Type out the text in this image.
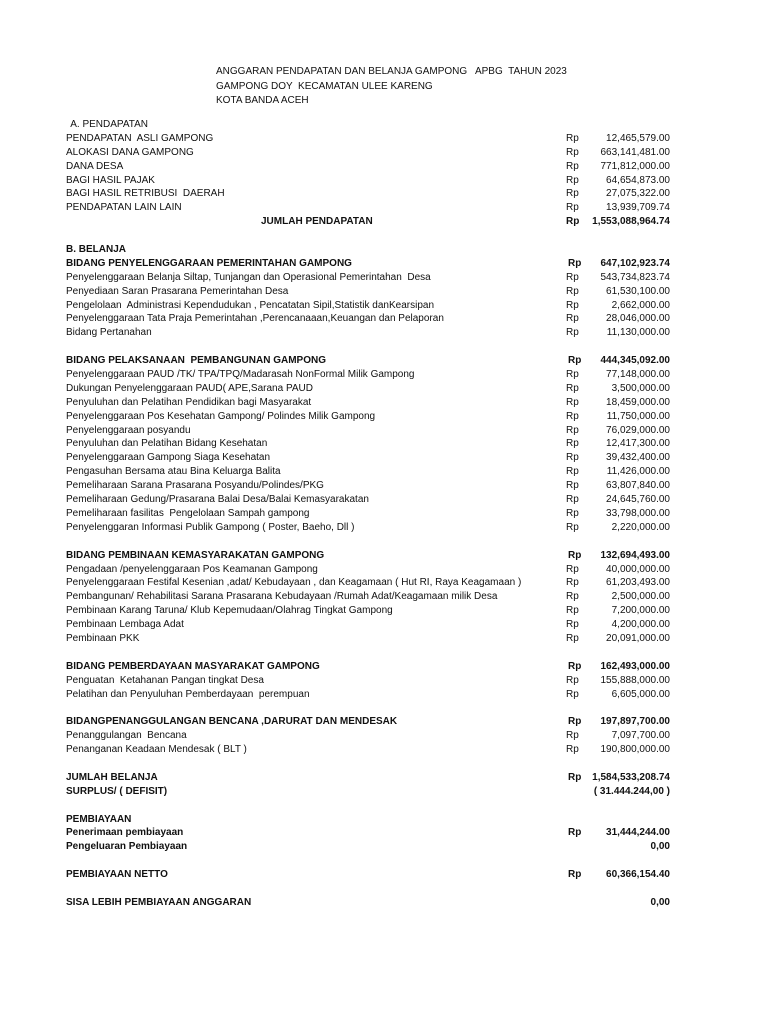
ANGGARAN PENDAPATAN DAN BELANJA GAMPONG   APBG  TAHUN 2023
GAMPONG DOY  KECAMATAN ULEE KARENG
KOTA BANDA ACEH
A. PENDAPATAN
PENDAPATAN  ASLI GAMPONG	Rp	12,465,579.00
ALOKASI DANA GAMPONG	Rp 663,141,481.00
DANA DESA	Rp 771,812,000.00
BAGI HASIL PAJAK	Rp	64,654,873.00
BAGI HASIL RETRIBUSI  DAERAH	Rp	27,075,322.00
PENDAPATAN LAIN LAIN	Rp	13,939,709.74
JUMLAH PENDAPATAN	Rp 1,553,088,964.74
B. BELANJA
BIDANG PENYELENGGARAAN PEMERINTAHAN GAMPONG	Rp 647,102,923.74
Penyelenggaraan Belanja Siltap, Tunjangan dan Operasional Pemerintahan  Desa	Rp 543,734,823.74
Penyediaan Saran Prasarana Pemerintahan Desa	Rp	61,530,100.00
Pengelolaan  Administrasi Kependudukan , Pencatatan Sipil,Statistik danKearsipan	Rp	2,662,000.00
Penyelenggaraan Tata Praja Pemerintahan ,Perencanaaan,Keuangan dan Pelaporan	Rp	28,046,000.00
Bidang Pertanahan	Rp	11,130,000.00
BIDANG PELAKSANAAN  PEMBANGUNAN GAMPONG	Rp 444,345,092.00
Penyelenggaraan PAUD /TK/ TPA/TPQ/Madarasah NonFormal Milik Gampong	Rp	77,148,000.00
Dukungan Penyelenggaraan PAUD( APE,Sarana PAUD	Rp	3,500,000.00
Penyuluhan dan Pelatihan Pendidikan bagi Masyarakat	Rp	18,459,000.00
Penyelenggaraan Pos Kesehatan Gampong/ Polindes Milik Gampong	Rp	11,750,000.00
Penyelenggaraan posyandu	Rp	76,029,000.00
Penyuluhan dan Pelatihan Bidang Kesehatan	Rp	12,417,300.00
Penyelenggaraan Gampong Siaga Kesehatan	Rp	39,432,400.00
Pengasuhan Bersama atau Bina Keluarga Balita	Rp	11,426,000.00
Pemeliharaan Sarana Prasarana Posyandu/Polindes/PKG	Rp	63,807,840.00
Pemeliharaan Gedung/Prasarana Balai Desa/Balai Kemasyarakatan	Rp	24,645,760.00
Pemeliharaan fasilitas  Pengelolaan Sampah gampong	Rp	33,798,000.00
Penyelenggaran Informasi Publik Gampong ( Poster, Baeho, Dll )	Rp	2,220,000.00
BIDANG PEMBINAAN KEMASYARAKATAN GAMPONG	Rp 132,694,493.00
Pengadaan /penyelenggaraan Pos Keamanan Gampong	Rp	40,000,000.00
Penyelenggaraan Festifal Kesenian ,adat/ Kebudayaan , dan Keagamaan ( Hut RI, Raya Keagamaan )	Rp	61,203,493.00
Pembangunan/ Rehabilitasi Sarana Prasarana Kebudayaan /Rumah Adat/Keagamaan milik Desa	Rp	2,500,000.00
Pembinaan Karang Taruna/ Klub Kepemudaan/Olahrag Tingkat Gampong	Rp	7,200,000.00
Pembinaan Lembaga Adat	Rp	4,200,000.00
Pembinaan PKK	Rp	20,091,000.00
BIDANG PEMBERDAYAAN MASYARAKAT GAMPONG	Rp 162,493,000.00
Penguatan  Ketahanan Pangan tingkat Desa	Rp 155,888,000.00
Pelatihan dan Penyuluhan Pemberdayaan  perempuan	Rp	6,605,000.00
BIDANGPENANGGULANGAN BENCANA ,DARURAT DAN MENDESAK	Rp 197,897,700.00
Penanggulangan  Bencana	Rp	7,097,700.00
Penanganan Keadaan Mendesak ( BLT )	Rp 190,800,000.00
JUMLAH BELANJA	Rp 1,584,533,208.74
SURPLUS/ ( DEFISIT)	( 31.444.244,00 )
PEMBIAYAAN
Penerimaan pembiayaan	Rp 31,444,244.00
Pengeluaran Pembiayaan	0,00
PEMBIAYAAN NETTO	Rp 60,366,154.40
SISA LEBIH PEMBIAYAAN ANGGARAN	0,00
